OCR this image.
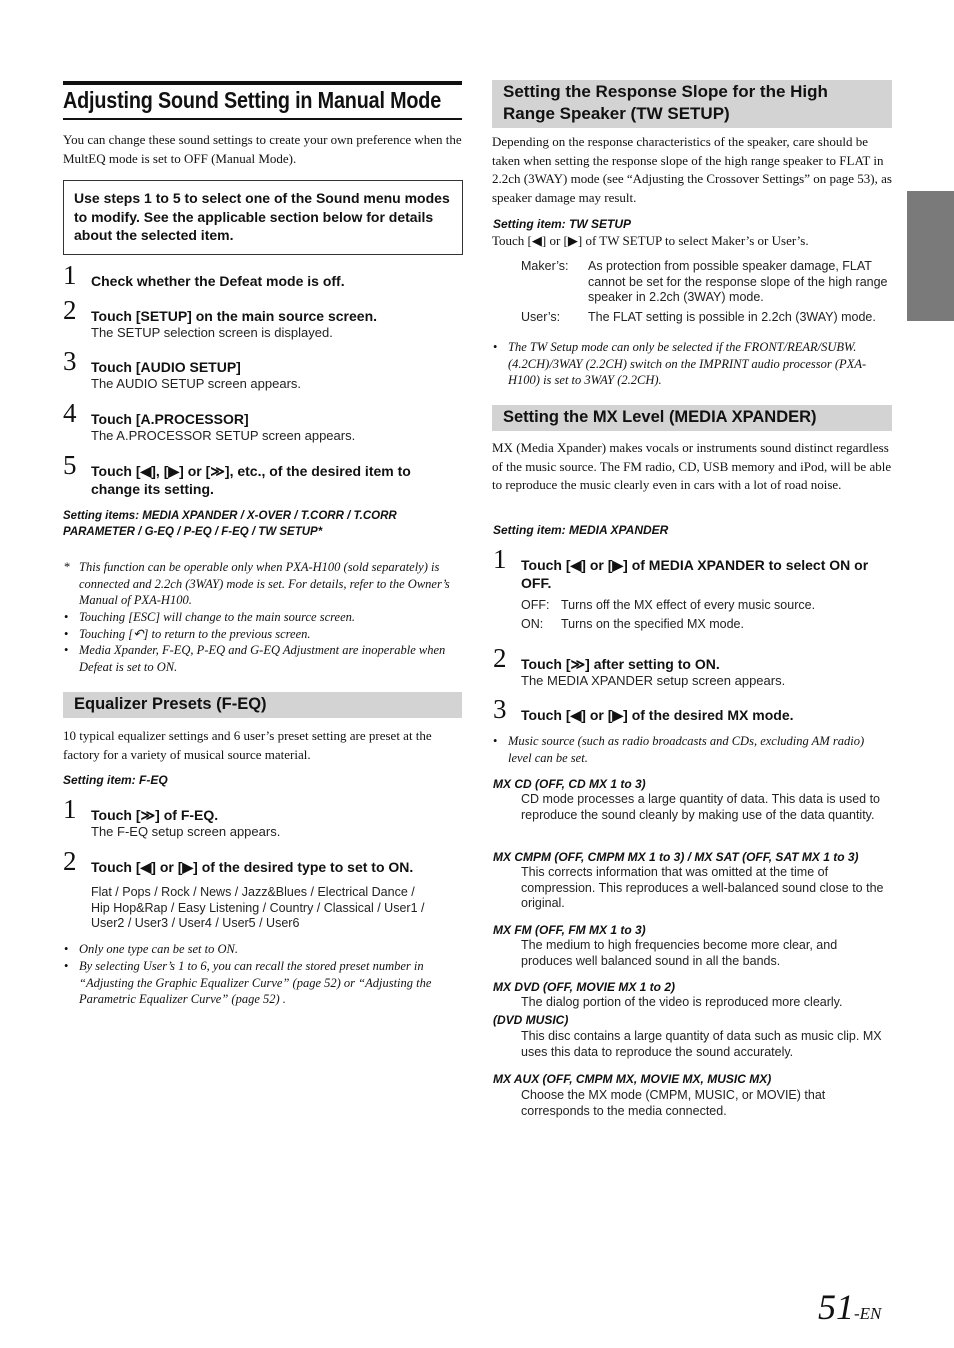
Adjusting Sound Setting in Manual Mode
You can change these sound settings to create your own preference when the MultEQ mode is set to OFF (Manual Mode).
Use steps 1 to 5 to select one of the Sound menu modes to modify. See the applicable section below for details about the selected item.
1 Check whether the Defeat mode is off.
2 Touch [SETUP] on the main source screen.
The SETUP selection screen is displayed.
3 Touch [AUDIO SETUP]
The AUDIO SETUP screen appears.
4 Touch [A.PROCESSOR]
The A.PROCESSOR SETUP screen appears.
5 Touch [◀], [▶] or [≫], etc., of the desired item to change its setting.
Setting items: MEDIA XPANDER / X-OVER / T.CORR / T.CORR PARAMETER / G-EQ / P-EQ / F-EQ / TW SETUP*
* This function can be operable only when PXA-H100 (sold separately) is connected and 2.2ch (3WAY) mode is set. For details, refer to the Owner’s Manual of PXA-H100.
• Touching [ESC] will change to the main source screen.
• Touching [↶] to return to the previous screen.
• Media Xpander, F-EQ, P-EQ and G-EQ Adjustment are inoperable when Defeat is set to ON.
Equalizer Presets (F-EQ)
10 typical equalizer settings and 6 user’s preset setting are preset at the factory for a variety of musical source material.
Setting item: F-EQ
1 Touch [≫] of F-EQ.
The F-EQ setup screen appears.
2 Touch [◀] or [▶] of the desired type to set to ON.
Flat / Pops / Rock / News / Jazz&Blues / Electrical Dance / Hip Hop&Rap / Easy Listening / Country / Classical / User1 / User2 / User3 / User4 / User5 / User6
• Only one type can be set to ON.
• By selecting User’s 1 to 6, you can recall the stored preset number in “Adjusting the Graphic Equalizer Curve” (page 52) or “Adjusting the Parametric Equalizer Curve” (page 52) .
Setting the Response Slope for the High
Range Speaker (TW SETUP)
Depending on the response characteristics of the speaker, care should be taken when setting the response slope of the high range speaker to FLAT in 2.2ch (3WAY) mode (see “Adjusting the Crossover Settings” on page 53), as speaker damage may result.
Setting item: TW SETUP
Touch [◀] or [▶] of TW SETUP to select Maker’s or User’s.
Maker’s: As protection from possible speaker damage, FLAT cannot be set for the response slope of the high range speaker in 2.2ch (3WAY) mode.
User’s: The FLAT setting is possible in 2.2ch (3WAY) mode.
• The TW Setup mode can only be selected if the FRONT/REAR/SUBW. (4.2CH)/3WAY (2.2CH) switch on the IMPRINT audio processor (PXA-H100) is set to 3WAY (2.2CH).
Setting the MX Level (MEDIA XPANDER)
MX (Media Xpander) makes vocals or instruments sound distinct regardless of the music source. The FM radio, CD, USB memory and iPod, will be able to reproduce the music clearly even in cars with a lot of road noise.
Setting item: MEDIA XPANDER
1 Touch [◀] or [▶] of MEDIA XPANDER to select ON or OFF.
OFF: Turns off the MX effect of every music source.
ON: Turns on the specified MX mode.
2 Touch [≫] after setting to ON.
The MEDIA XPANDER setup screen appears.
3 Touch [◀] or [▶] of the desired MX mode.
• Music source (such as radio broadcasts and CDs, excluding AM radio) level can be set.
MX CD (OFF, CD MX 1 to 3)
CD mode processes a large quantity of data. This data is used to reproduce the sound cleanly by making use of the data quantity.
MX CMPM (OFF, CMPM MX 1 to 3) / MX SAT (OFF, SAT MX 1 to 3)
This corrects information that was omitted at the time of compression. This reproduces a well-balanced sound close to the original.
MX FM (OFF, FM MX 1 to 3)
The medium to high frequencies become more clear, and produces well balanced sound in all the bands.
MX DVD (OFF, MOVIE MX 1 to 2)
The dialog portion of the video is reproduced more clearly.
(DVD MUSIC)
This disc contains a large quantity of data such as music clip. MX uses this data to reproduce the sound accurately.
MX AUX (OFF, CMPM MX, MOVIE MX, MUSIC MX)
Choose the MX mode (CMPM, MUSIC, or MOVIE) that corresponds to the media connected.
51-EN
